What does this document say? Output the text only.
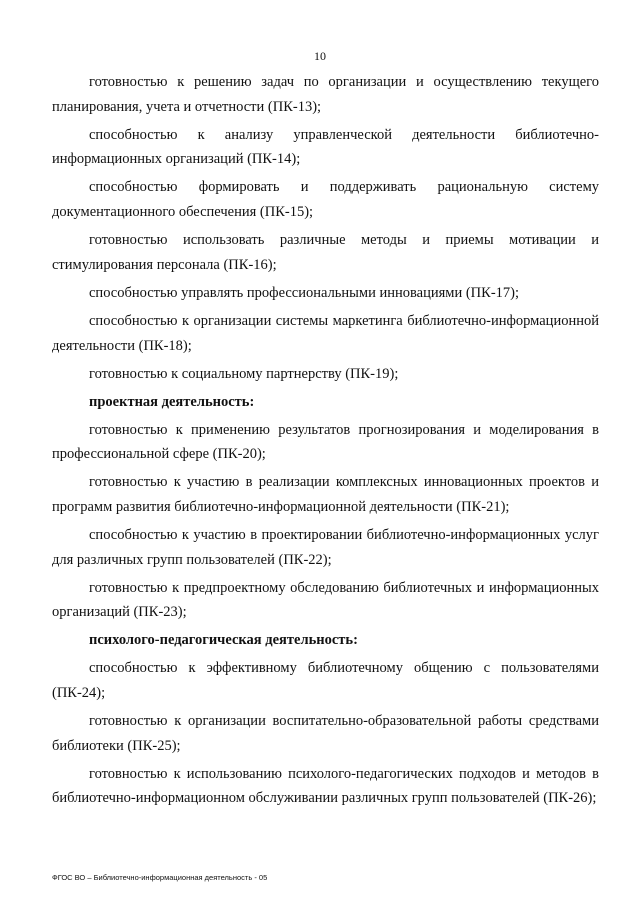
10

готовностью к решению задач по организации и осуществлению текущего планирования, учета и отчетности (ПК-13);

способностью к анализу управленческой деятельности библиотечно-информационных организаций (ПК-14);

способностью формировать и поддерживать рациональную систему документационного обеспечения (ПК-15);

готовностью использовать различные методы и приемы мотивации и стимулирования персонала (ПК-16);

способностью управлять профессиональными инновациями (ПК-17);

способностью к организации системы маркетинга библиотечно-информационной деятельности (ПК-18);

готовностью к социальному партнерству (ПК-19);

проектная деятельность:

готовностью к применению результатов прогнозирования и моделирования в профессиональной сфере (ПК-20);

готовностью к участию в реализации комплексных инновационных проектов и программ развития библиотечно-информационной деятельности (ПК-21);

способностью к участию в проектировании библиотечно-информационных услуг для различных групп пользователей (ПК-22);

готовностью к предпроектному обследованию библиотечных и информационных организаций (ПК-23);

психолого-педагогическая деятельность:

способностью к эффективному библиотечному общению с пользователями (ПК-24);

готовностью к организации воспитательно-образовательной работы средствами библиотеки (ПК-25);

готовностью к использованию психолого-педагогических подходов и методов в библиотечно-информационном обслуживании различных групп пользователей (ПК-26);

ФГОС ВО – Библиотечно-информационная деятельность - 05
